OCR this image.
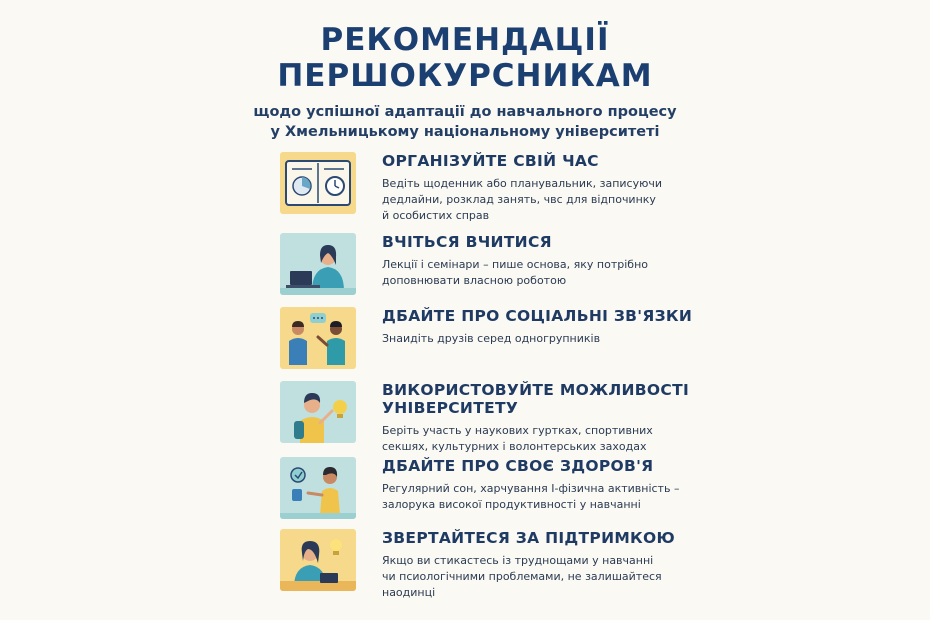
РЕКОМЕНДАЦІЇ
ПЕРШОКУРСНИКАМ
щодо успішної адаптації до навчального процесу
у Хмельницькому національному університеті
ОРГАНІЗУЙТЕ СВІЙ ЧАС
Ведіть щоденник або планувальник, записуючи
дедлайни, розклад занять, чвс для відпочинку
й особистих справ
ВЧІТЬСЯ ВЧИТИСЯ
Лекції і семінари – пише основа, яку потрібно
доповнювати власною роботою
ДБАЙТЕ ПРО СОЦІАЛЬНІ ЗВ'ЯЗКИ
Знаидіть друзів серед одногрупників
ВИКОРИСТОВУЙТЕ МОЖЛИВОСТІ
УНІВЕРСИТЕТУ
Беріть участь у наукових гуртках, спортивних
секшях, культурних і волонтерських заходах
ДБАЙТЕ ПРО СВОЄ ЗДОРОВ'Я
Регулярний сон, харчування І-фізична активність –
залорука високої продуктивності у навчанні
ЗВЕРТАЙТЕСЯ ЗА ПІДТРИМКОЮ
Якщо ви стикастесь із труднощами у навчанні
чи псиологічними проблемами, не залишайтеся
наодинці
